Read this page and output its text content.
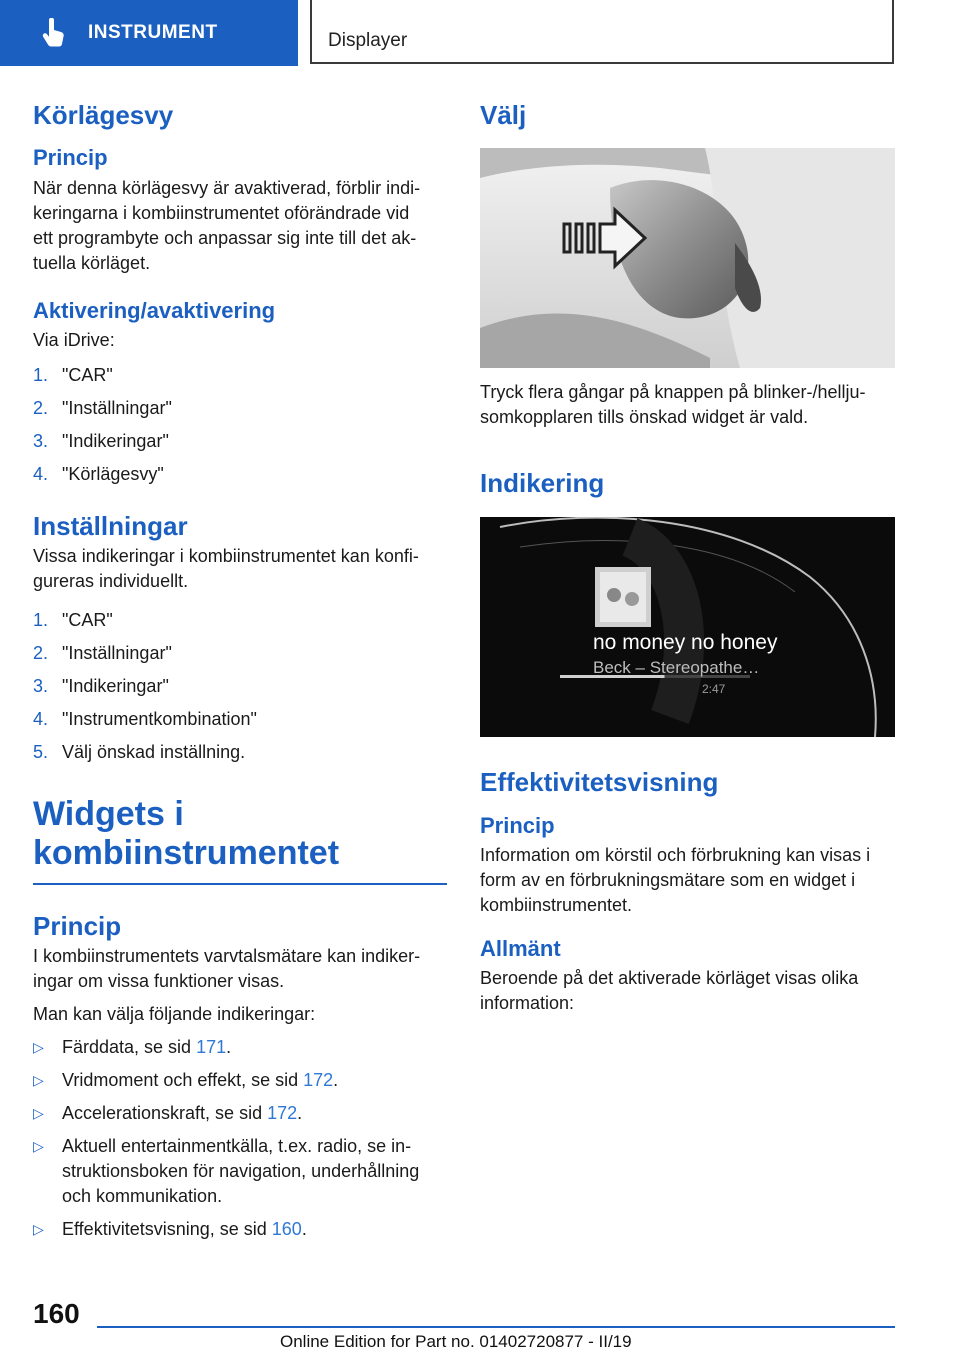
INSTRUMENT	Displayer
Körlägesvy
Princip

När denna körlägesvy är avaktiverad, förblir indi-

keringarna i kombiinstrumentet oförändrade vid

ett programbyte och anpassar sig inte till det ak-

tuella körläget.

Aktivering/avaktivering

Via iDrive:

1. "CAR"
2. "Inställningar"
3. "Indikeringar"
4. "Körlägesvy"
Inställningar

Vissa indikeringar i kombiinstrumentet kan konfi-

gureras individuellt.

1. "CAR"
2. "Inställningar"
3. "Indikeringar"
4. "Instrumentkombination"
5. Välj önskad inställning.
Widgets i
kombiinstrumentet
Princip

I kombiinstrumentets varvtalsmätare kan indiker-

ingar om vissa funktioner visas.

Man kan välja följande indikeringar:

▷	Färddata, se sid 171.
▷	Vridmoment och effekt, se sid 172.
▷	Accelerationskraft, se sid 172.
▷	Aktuell entertainmentkälla, t.ex. radio, se in-
struktionsboken för navigation, underhållning
och kommunikation.
▷	Effektivitetsvisning, se sid 160.
Välj

Tryck flera gångar på knappen på blinker-/hellju-

somkopplaren tills önskad widget är vald.

Indikering
no money no honey
Beck – Stereopathe…
2:47
Effektivitetsvisning
Princip

Information om körstil och förbrukning kan visas i

form av en förbrukningsmätare som en widget i

kombiinstrumentet.

Allmänt

Beroende på det aktiverade körläget visas olika

information:

160
Online Edition for Part no. 01402720877 - II/19
